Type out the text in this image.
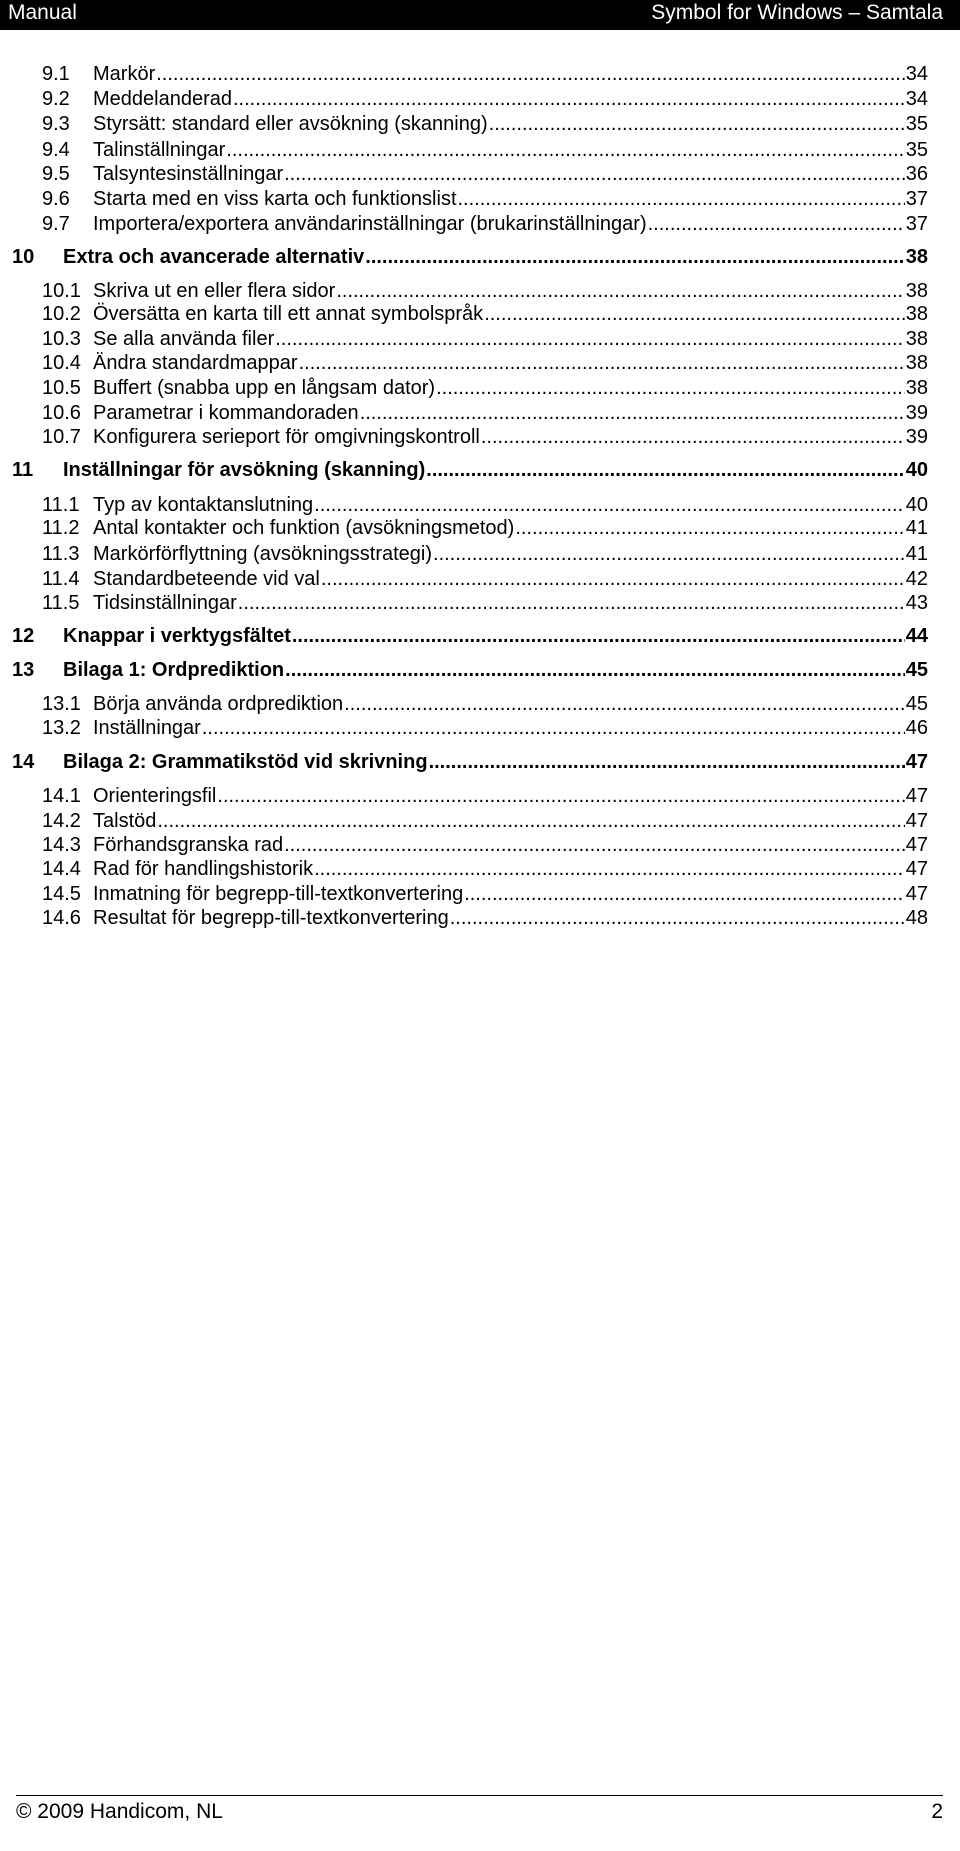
Manual	Symbol for Windows – Samtala
9.1	Markör .....	34
9.2	Meddelanderad .....	34
9.3	Styrsätt: standard eller avsökning (skanning) .....	35
9.4	Talinställningar .....	35
9.5	Talsyntesinställningar .....	36
9.6	Starta med en viss karta och funktionslist .....	37
9.7	Importera/exportera användarinställningar (brukarinställningar) .....	37
10	Extra och avancerade alternativ .....	38
10.1 Skriva ut en eller flera sidor .....	38
10.2 Översätta en karta till ett annat symbolspråk .....	38
10.3 Se alla använda filer .....	38
10.4 Ändra standardmappar .....	38
10.5 Buffert (snabba upp en långsam dator) .....	38
10.6 Parametrar i kommandoraden .....	39
10.7 Konfigurera serieport för omgivningskontroll .....	39
11	Inställningar för avsökning (skanning) .....	40
11.1 Typ av kontaktanslutning .....	40
11.2 Antal kontakter och funktion (avsökningsmetod) .....	41
11.3 Markörförflyttning (avsökningsstrategi) .....	41
11.4 Standardbeteende vid val .....	42
11.5 Tidsinställningar .....	43
12	Knappar i verktygsfältet .....	44
13	Bilaga 1: Ordprediktion .....	45
13.1 Börja använda ordprediktion .....	45
13.2 Inställningar .....	46
14	Bilaga 2: Grammatikstöd vid skrivning .....	47
14.1 Orienteringsfil .....	47
14.2 Talstöd .....	47
14.3 Förhandsgranska rad .....	47
14.4 Rad för handlingshistorik .....	47
14.5 Inmatning för begrepp-till-textkonvertering .....	47
14.6 Resultat för begrepp-till-textkonvertering .....	48
© 2009 Handicom, NL	2
